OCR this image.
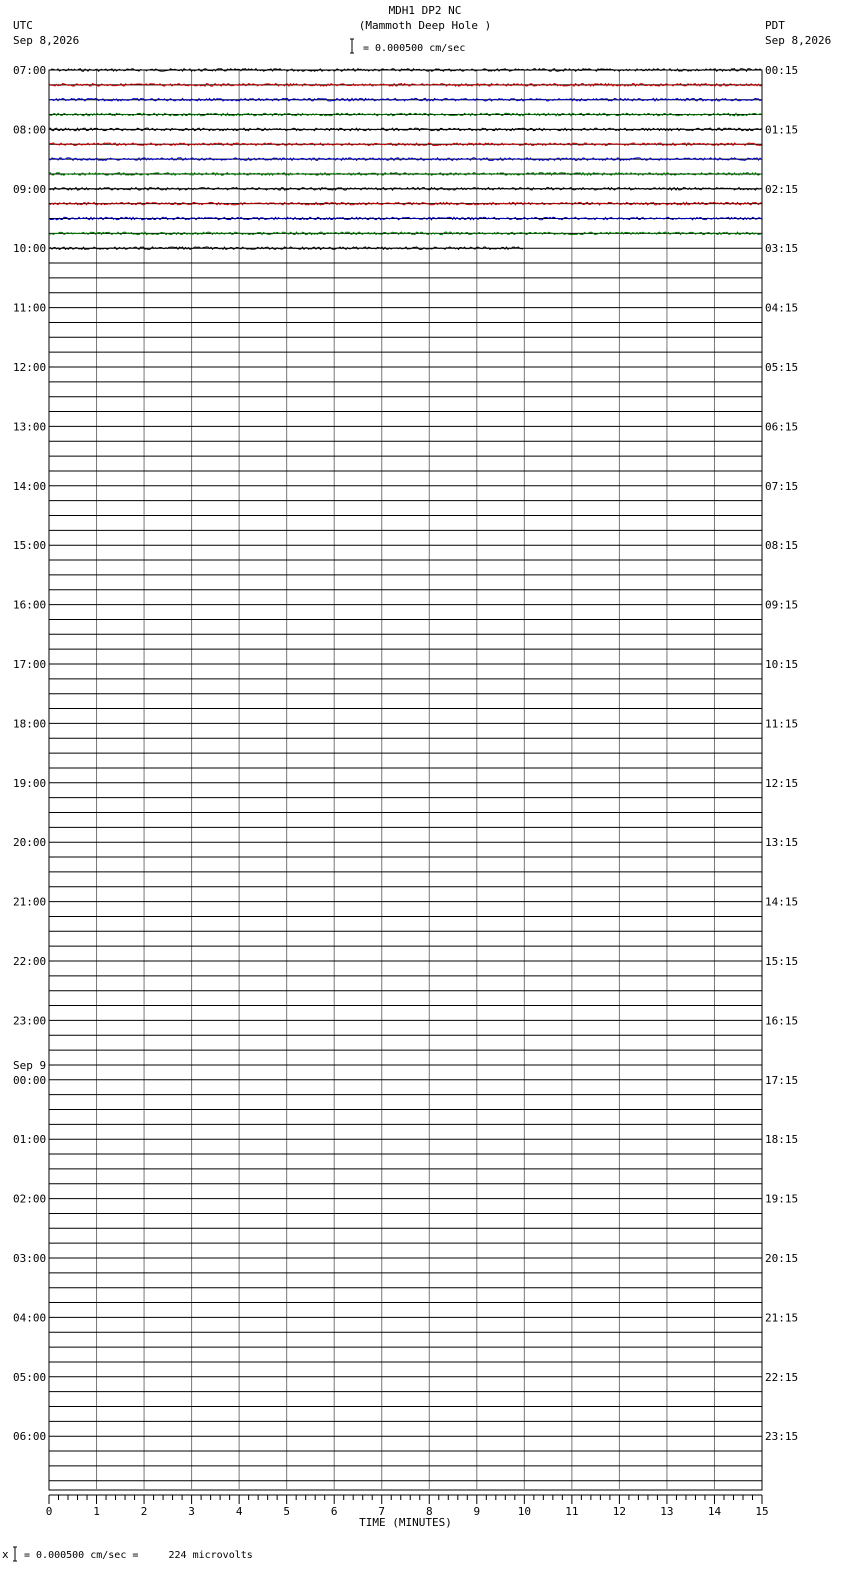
MDH1 DP2 NC
(Mammoth Deep Hole )
= 0.000500 cm/sec
UTC
Sep 8,2026
PDT
Sep 8,2026
= 0.000500 cm/sec =     224 microvolts
07:00
08:00
09:00
10:00
11:00
12:00
13:00
14:00
15:00
16:00
17:00
18:00
19:00
20:00
21:00
22:00
23:00
00:00
01:00
02:00
03:00
04:00
05:00
06:00
00:15
01:15
02:15
03:15
04:15
05:15
06:15
07:15
08:15
09:15
10:15
11:15
12:15
13:15
14:15
15:15
16:15
17:15
18:15
19:15
20:15
21:15
22:15
23:15
Sep 9
0	1	2	3	4	5	6	7	8	9	10	11	12	13	14	15
TIME (MINUTES)
x
